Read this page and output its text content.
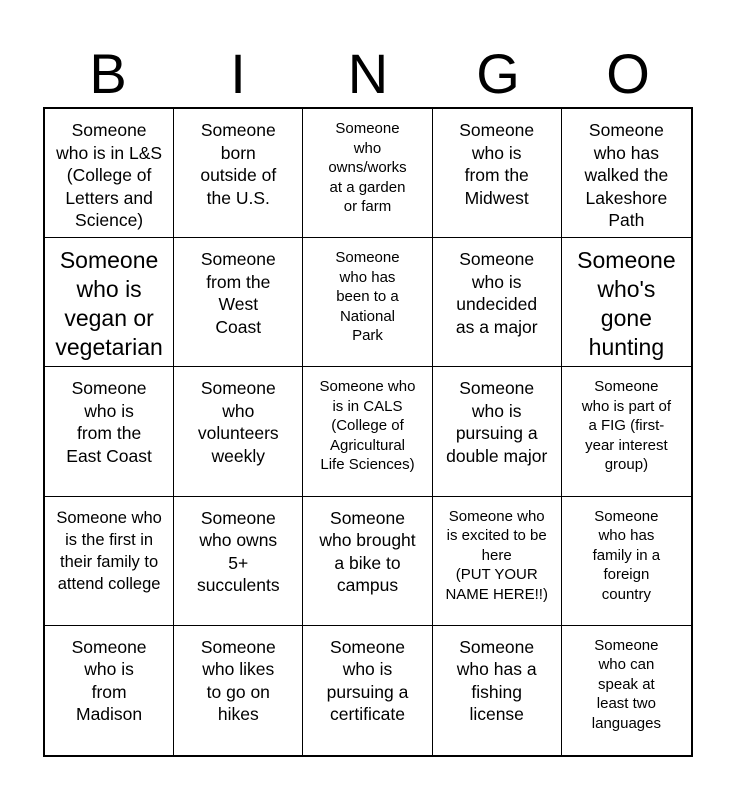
B	I	N	G	O
Someone
who is in L&S
(College of
Letters and
Science)
Someone
born
outside of
the U.S.
Someone
who
owns/works
at a garden
or farm
Someone
who is
from the
Midwest
Someone
who has
walked the
Lakeshore
Path
Someone
who is
vegan or
vegetarian
Someone
from the
West
Coast
Someone
who has
been to a
National
Park
Someone
who is
undecided
as a major
Someone
who's
gone
hunting
Someone
who is
from the
East Coast
Someone
who
volunteers
weekly
Someone who
is in CALS
(College of
Agricultural
Life Sciences)
Someone
who is
pursuing a
double major
Someone
who is part of
a FIG (first-
year interest
group)
Someone who
is the first in
their family to
attend college
Someone
who owns
5+
succulents
Someone
who brought
a bike to
campus
Someone who
is excited to be
here
(PUT YOUR
NAME HERE!!)
Someone
who has
family in a
foreign
country
Someone
who is
from
Madison
Someone
who likes
to go on
hikes
Someone
who is
pursuing a
certificate
Someone
who has a
fishing
license
Someone
who can
speak at
least two
languages
